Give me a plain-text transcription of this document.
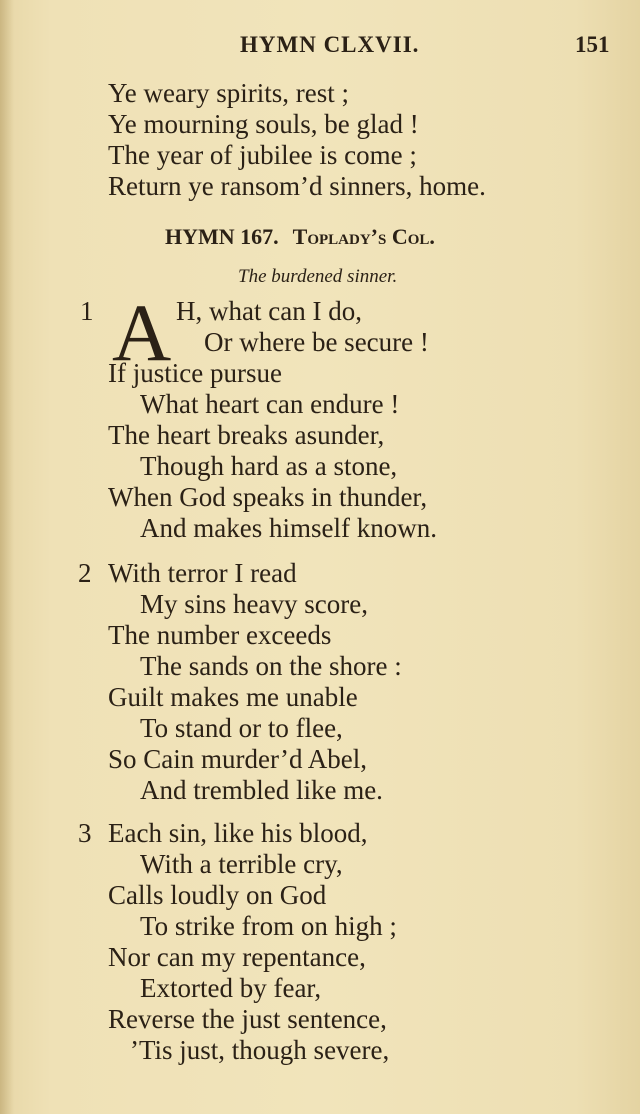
HYMN CLXVII.	151
Ye weary spirits, rest ;
Ye mourning souls, be glad !
The year of jubilee is come ;
Return ye ransom’d sinners, home.
HYMN 167. Toplady’s Col.
The burdened sinner.
1 A H, what can I do,
Or where be secure !
If justice pursue
What heart can endure !
The heart breaks asunder,
Though hard as a stone,
When God speaks in thunder,
And makes himself known.
2 With terror I read
My sins heavy score,
The number exceeds
The sands on the shore :
Guilt makes me unable
To stand or to flee,
So Cain murder’d Abel,
And trembled like me.
3 Each sin, like his blood,
With a terrible cry,
Calls loudly on God
To strike from on high ;
Nor can my repentance,
Extorted by fear,
Reverse the just sentence,
’Tis just, though severe,
